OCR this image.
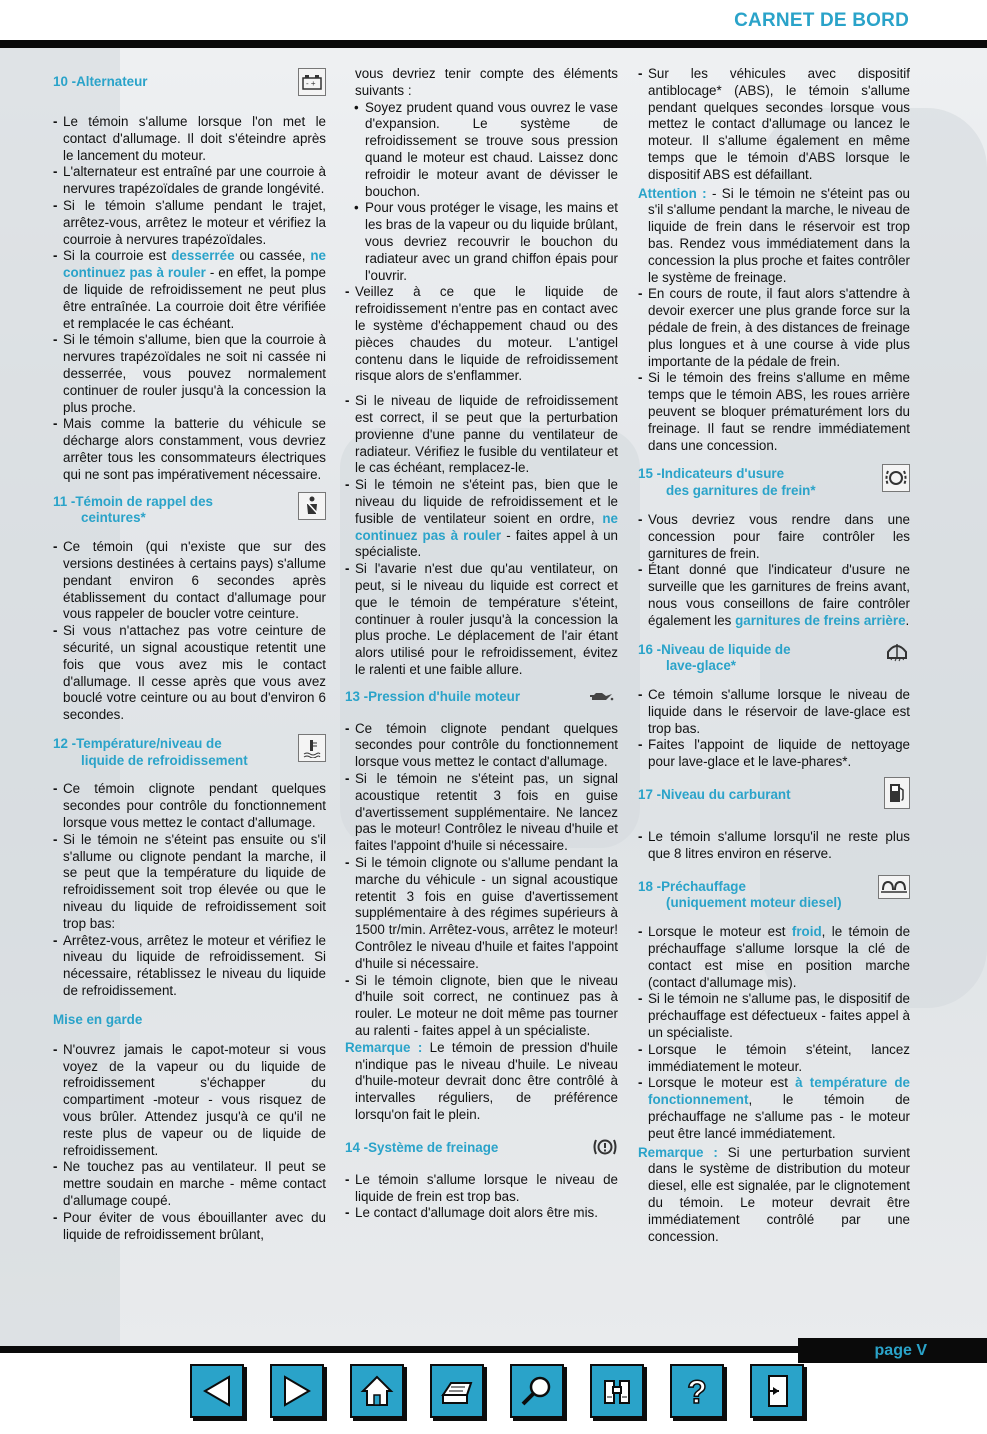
CARNET DE BORD
10 -Alternateur	- +
- Le témoin s'allume lorsque l'on met le contact d'allumage. Il doit s'éteindre après le lancement du moteur.
- L'alternateur est entraîné par une courroie à nervures trapézoïdales de grande longévité.
- Si le témoin s'allume pendant le trajet, arrêtez-vous, arrêtez le moteur et vérifiez la courroie à nervures trapézoïdales.
- Si la courroie est desserrée ou cassée, ne continuez pas à rouler - en effet, la pompe de liquide de refroidissement ne peut plus être entraînée. La courroie doit être vérifiée et remplacée le cas échéant.
- Si le témoin s'allume, bien que la courroie à nervures trapézoïdales ne soit ni cassée ni desserrée, vous pouvez normalement continuer de rouler jusqu'à la concession la plus proche.
- Mais comme la batterie du véhicule se décharge alors constamment, vous devriez arrêter tous les consommateurs électriques qui ne sont pas impérativement nécessaire.
11 -Témoin de rappel des
ceintures*
- Ce témoin (qui n'existe que sur des versions destinées à certains pays) s'allume pendant environ 6 secondes après établissement du contact d'allumage pour vous rappeler de boucler votre ceinture.
- Si vous n'attachez pas votre ceinture de sécurité, un signal acoustique retentit une fois que vous avez mis le contact d'allumage. Il cesse après que vous avez bouclé votre ceinture ou au bout d'environ 6 secondes.
12 -Température/niveau de
liquide de refroidissement
- Ce témoin clignote pendant quelques secondes pour contrôle du fonctionnement lorsque vous mettez le contact d'allumage.
- Si le témoin ne s'éteint pas ensuite ou s'il s'allume ou clignote pendant la marche, il se peut que la température du liquide de refroidissement soit trop élevée ou que le niveau du liquide de refroidissement soit trop bas:
- Arrêtez-vous, arrêtez le moteur et vérifiez le niveau du liquide de refroidissement. Si nécessaire, rétablissez le niveau du liquide de refroidissement.
Mise en garde
- N'ouvrez jamais le capot-moteur si vous voyez de la vapeur ou du liquide de refroidissement s'échapper du compartiment -moteur - vous risquez de vous brûler. Attendez jusqu'à ce qu'il ne reste plus de vapeur ou de liquide de refroidissement.
- Ne touchez pas au ventilateur. Il peut se mettre soudain en marche - même contact d'allumage coupé.
- Pour éviter de vous ébouillanter avec du liquide de refroidissement brûlant,
vous devriez tenir compte des éléments suivants :
• Soyez prudent quand vous ouvrez le vase d'expansion. Le système de refroidissement se trouve sous pression quand le moteur est chaud. Laissez donc refroidir le moteur avant de dévisser le bouchon.
• Pour vous protéger le visage, les mains et les bras de la vapeur ou du liquide brûlant, vous devriez recouvrir le bouchon du radiateur avec un grand chiffon épais pour l'ouvrir.
- Veillez à ce que le liquide de refroidissement n'entre pas en contact avec le système d'échappement chaud ou des pièces chaudes du moteur. L'antigel contenu dans le liquide de refroidissement risque alors de s'enflammer.
- Si le niveau de liquide de refroidissement est correct, il se peut que la perturbation provienne d'une panne du ventilateur de radiateur. Vérifiez le fusible du ventilateur et le cas échéant, remplacez-le.
- Si le témoin ne s'éteint pas, bien que le niveau du liquide de refroidissement et le fusible de ventilateur soient en ordre, ne continuez pas à rouler - faites appel à un spécialiste.
- Si l'avarie n'est due qu'au ventilateur, on peut, si le niveau du liquide est correct et que le témoin de température s'éteint, continuer à rouler jusqu'à la concession la plus proche. Le déplacement de l'air étant alors utilisé pour le refroidissement, évitez le ralenti et une faible allure.
13 -Pression d'huile moteur
- Ce témoin clignote pendant quelques secondes pour contrôle du fonctionnement lorsque vous mettez le contact d'allumage.
- Si le témoin ne s'éteint pas, un signal acoustique retentit 3 fois en guise d'avertissement supplémentaire. Ne lancez pas le moteur! Contrôlez le niveau d'huile et faites l'appoint d'huile si nécessaire.
- Si le témoin clignote ou s'allume pendant la marche du véhicule - un signal acoustique retentit 3 fois en guise d'avertissement supplémentaire à des régimes supérieurs à 1500 tr/min. Arrêtez-vous, arrêtez le moteur! Contrôlez le niveau d'huile et faites l'appoint d'huile si nécessaire.
- Si le témoin clignote, bien que le niveau d'huile soit correct, ne continuez pas à rouler. Le moteur ne doit même pas tourner au ralenti - faites appel à un spécialiste.
Remarque : Le témoin de pression d'huile n'indique pas le niveau d'huile. Le niveau d'huile-moteur devrait donc être contrôlé à intervalles réguliers, de préférence lorsqu'on fait le plein.
14 -Système de freinage
- Le témoin s'allume lorsque le niveau de liquide de frein est trop bas.
- Le contact d'allumage doit alors être mis.
- Sur les véhicules avec dispositif antiblocage* (ABS), le témoin s'allume pendant quelques secondes lorsque vous mettez le contact d'allumage ou lancez le moteur. Il s'allume également en même temps que le témoin d'ABS lorsque le dispositif ABS est défaillant.
Attention : - Si le témoin ne s'éteint pas ou s'il s'allume pendant la marche, le niveau de liquide de frein dans le réservoir est trop bas. Rendez vous immédiatement dans la concession la plus proche et faites contrôler le système de freinage.
- En cours de route, il faut alors s'attendre à devoir exercer une plus grande force sur la pédale de frein, à des distances de freinage plus longues et à une course à vide plus importante de la pédale de frein.
- Si le témoin des freins s'allume en même temps que le témoin ABS, les roues arrière peuvent se bloquer prématurément lors du freinage. Il faut se rendre immédiatement dans une concession.
15 -Indicateurs d'usure
des garnitures de frein*
- Vous devriez vous rendre dans une concession pour faire contrôler les garnitures de frein.
- Étant donné que l'indicateur d'usure ne surveille que les garnitures de freins avant, nous vous conseillons de faire contrôler également les garnitures de freins arrière.
16 -Niveau de liquide de
lave-glace*
- Ce témoin s'allume lorsque le niveau de liquide dans le réservoir de lave-glace est trop bas.
- Faites l'appoint de liquide de nettoyage pour lave-glace et le lave-phares*.
17 -Niveau du carburant
- Le témoin s'allume lorsqu'il ne reste plus que 8 litres environ en réserve.
18 -Préchauffage
(uniquement moteur diesel)
- Lorsque le moteur est froid, le témoin de préchauffage s'allume lorsque la clé de contact est mise en position marche (contact d'allumage mis).
- Si le témoin ne s'allume pas, le dispositif de préchauffage est défectueux - faites appel à un spécialiste.
- Lorsque le témoin s'éteint, lancez immédiatement le moteur.
- Lorsque le moteur est à température de fonctionnement, le témoin de préchauffage ne s'allume pas - le moteur peut être lancé immédiatement.
Remarque : Si une perturbation survient dans le système de distribution du moteur diesel, elle est signalée, par le clignotement du témoin. Le moteur devrait être immédiatement contrôlé par une concession.
page V
?
